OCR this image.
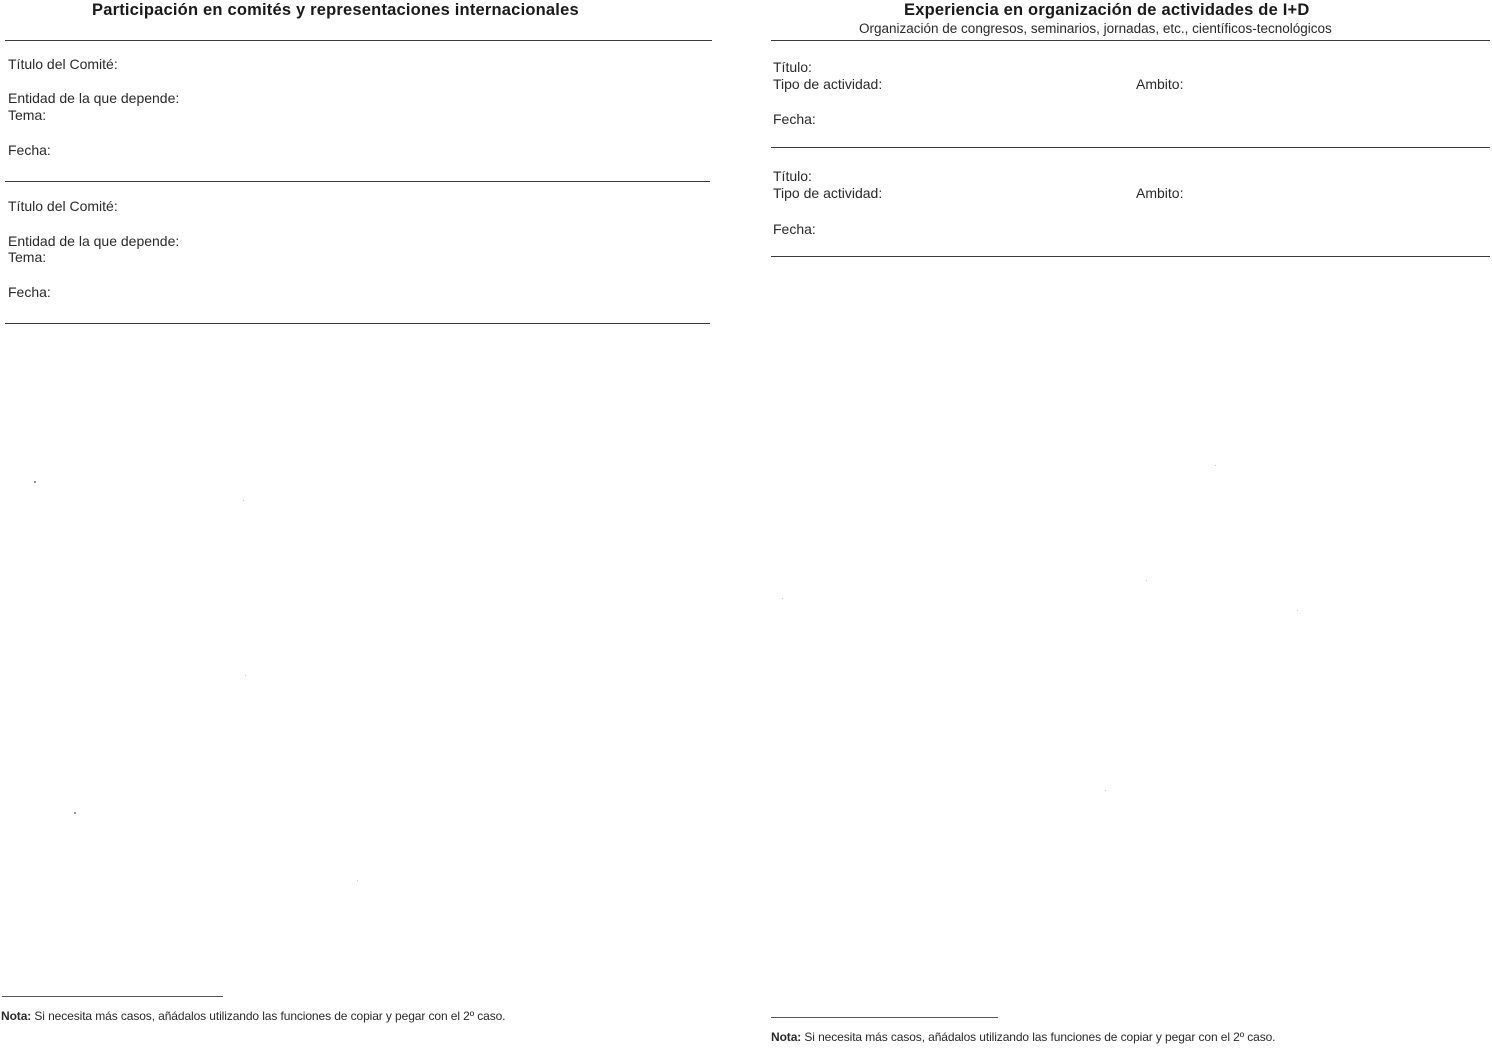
Participación en comités y representaciones internacionales
Título del Comité:
Entidad de la que depende:
Tema:
Fecha:
Título del Comité:
Entidad de la que depende:
Tema:
Fecha:
Nota: Si necesita más casos, añádalos utilizando las funciones de copiar y pegar con el 2º caso.
Experiencia en organización de actividades de I+D
Organización de congresos, seminarios, jornadas, etc., científicos-tecnológicos
Título:
Tipo de actividad:	Ambito:
Fecha:
Título:
Tipo de actividad:	Ambito:
Fecha:
Nota: Si necesita más casos, añádalos utilizando las funciones de copiar y pegar con el 2º caso.
